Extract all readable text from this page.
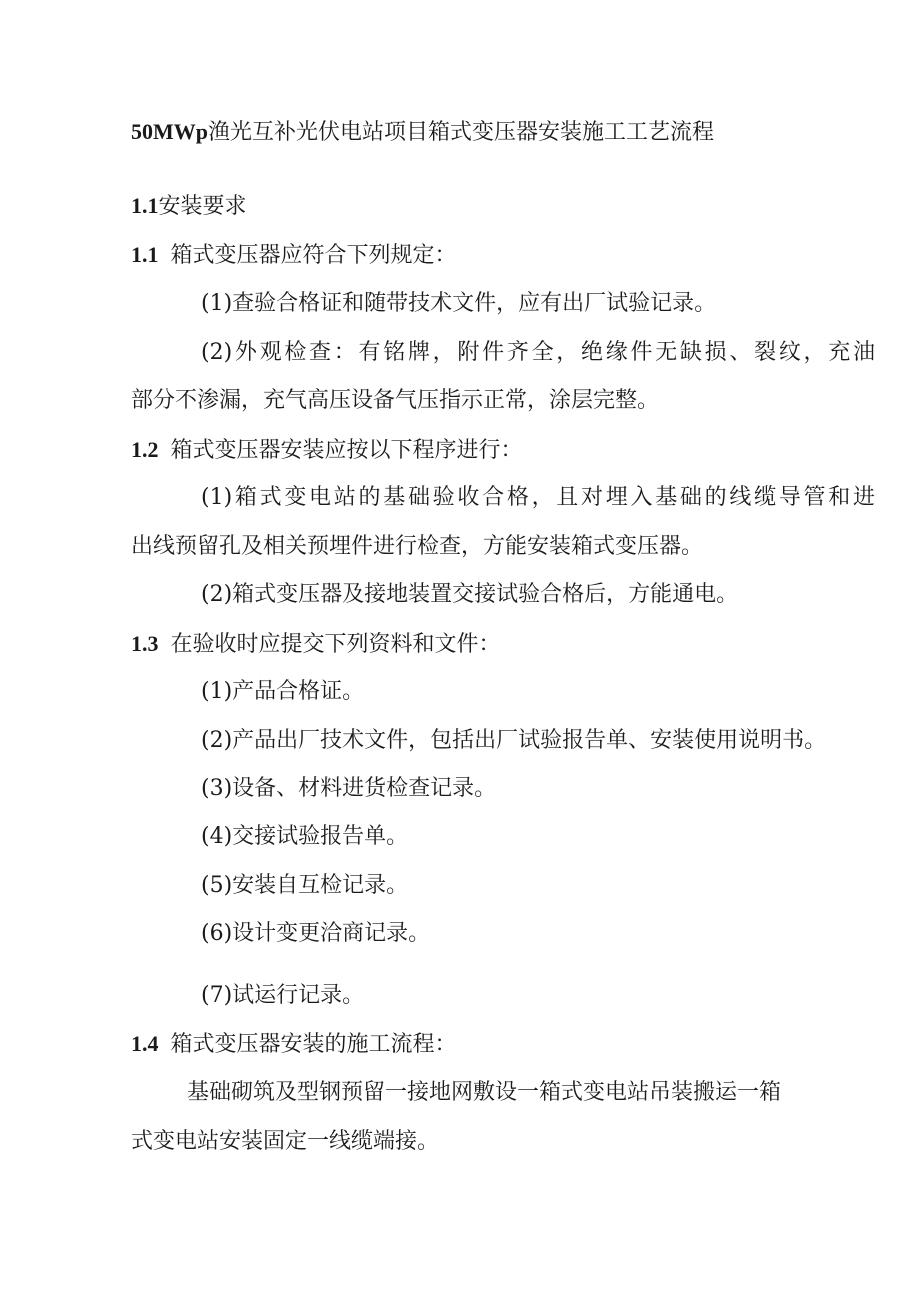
50MWp渔光互补光伏电站项目箱式变压器安装施工工艺流程
1.1安装要求
1.1 箱式变压器应符合下列规定：
(1)查验合格证和随带技术文件，应有出厂试验记录。
(2)外观检查：有铭牌，附件齐全，绝缘件无缺损、裂纹，充油
部分不渗漏，充气高压设备气压指示正常，涂层完整。
1.2 箱式变压器安装应按以下程序进行：
(1)箱式变电站的基础验收合格，且对埋入基础的线缆导管和进
出线预留孔及相关预埋件进行检查，方能安装箱式变压器。
(2)箱式变压器及接地装置交接试验合格后，方能通电。
1.3 在验收时应提交下列资料和文件：
(1)产品合格证。
(2)产品出厂技术文件，包括出厂试验报告单、安装使用说明书。
(3)设备、材料进货检查记录。
(4)交接试验报告单。
(5)安装自互检记录。
(6)设计变更洽商记录。
(7)试运行记录。
1.4 箱式变压器安装的施工流程：
基础砌筑及型钢预留一接地网敷设一箱式变电站吊装搬运一箱
式变电站安装固定一线缆端接。
